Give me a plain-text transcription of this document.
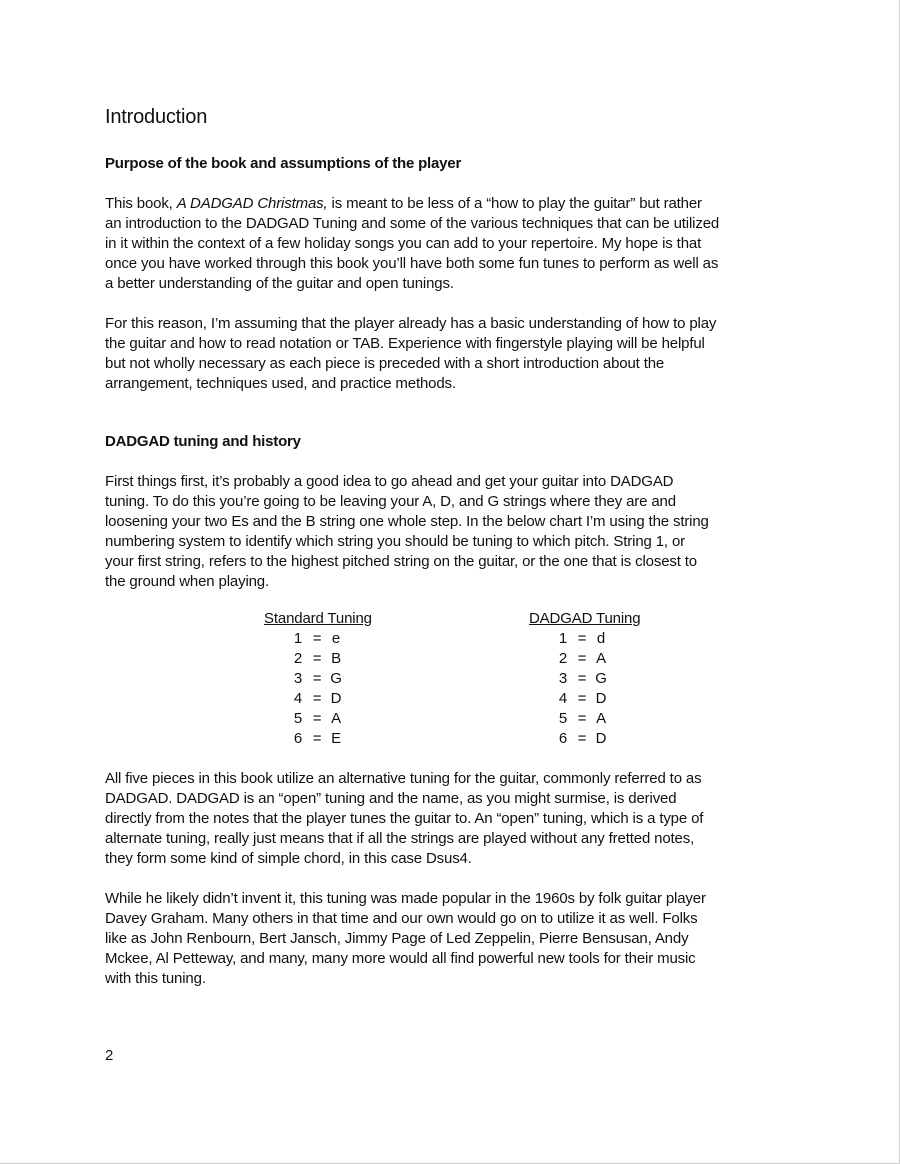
Introduction
Purpose of the book and assumptions of the player

This book, A DADGAD Christmas, is meant to be less of a “how to play the guitar” but rather
an introduction to the DADGAD Tuning and some of the various techniques that can be utilized
in it within the context of a few holiday songs you can add to your repertoire. My hope is that
once you have worked through this book you’ll have both some fun tunes to perform as well as
a better understanding of the guitar and open tunings.

For this reason, I’m assuming that the player already has a basic understanding of how to play
the guitar and how to read notation or TAB. Experience with fingerstyle playing will be helpful
but not wholly necessary as each piece is preceded with a short introduction about the
arrangement, techniques used, and practice methods.

DADGAD tuning and history

First things first, it’s probably a good idea to go ahead and get your guitar into DADGAD
tuning. To do this you’re going to be leaving your A, D, and G strings where they are and
loosening your two Es and the B string one whole step. In the below chart I’m using the string
numbering system to identify which string you should be tuning to which pitch. String 1, or
your first string, refers to the highest pitched string on the guitar, or the one that is closest to
the ground when playing.

Standard Tuning
1 = e
2 = B
3 = G
4 = D
5 = A
6 = E
DADGAD Tuning
1 = d
2 = A
3 = G
4 = D
5 = A
6 = D

All five pieces in this book utilize an alternative tuning for the guitar, commonly referred to as
DADGAD. DADGAD is an “open” tuning and the name, as you might surmise, is derived
directly from the notes that the player tunes the guitar to. An “open” tuning, which is a type of
alternate tuning, really just means that if all the strings are played without any fretted notes,
they form some kind of simple chord, in this case Dsus4.

While he likely didn’t invent it, this tuning was made popular in the 1960s by folk guitar player
Davey Graham. Many others in that time and our own would go on to utilize it as well. Folks
like as John Renbourn, Bert Jansch, Jimmy Page of Led Zeppelin, Pierre Bensusan, Andy
Mckee, Al Petteway, and many, many more would all find powerful new tools for their music
with this tuning.

2
